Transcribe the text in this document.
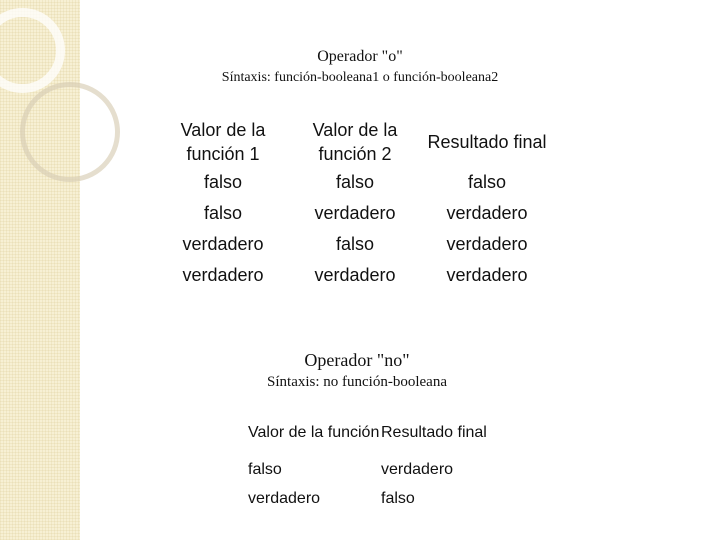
Operador "o"
Síntaxis: función-booleana1 o función-booleana2
Valor de la función 1	Valor de la función 2	Resultado final
falso	falso	falso
falso	verdadero	verdadero
verdadero	falso	verdadero
verdadero	verdadero	verdadero
Operador "no"
Síntaxis: no función-booleana
Valor de la función	Resultado final
falso	verdadero
verdadero	falso
